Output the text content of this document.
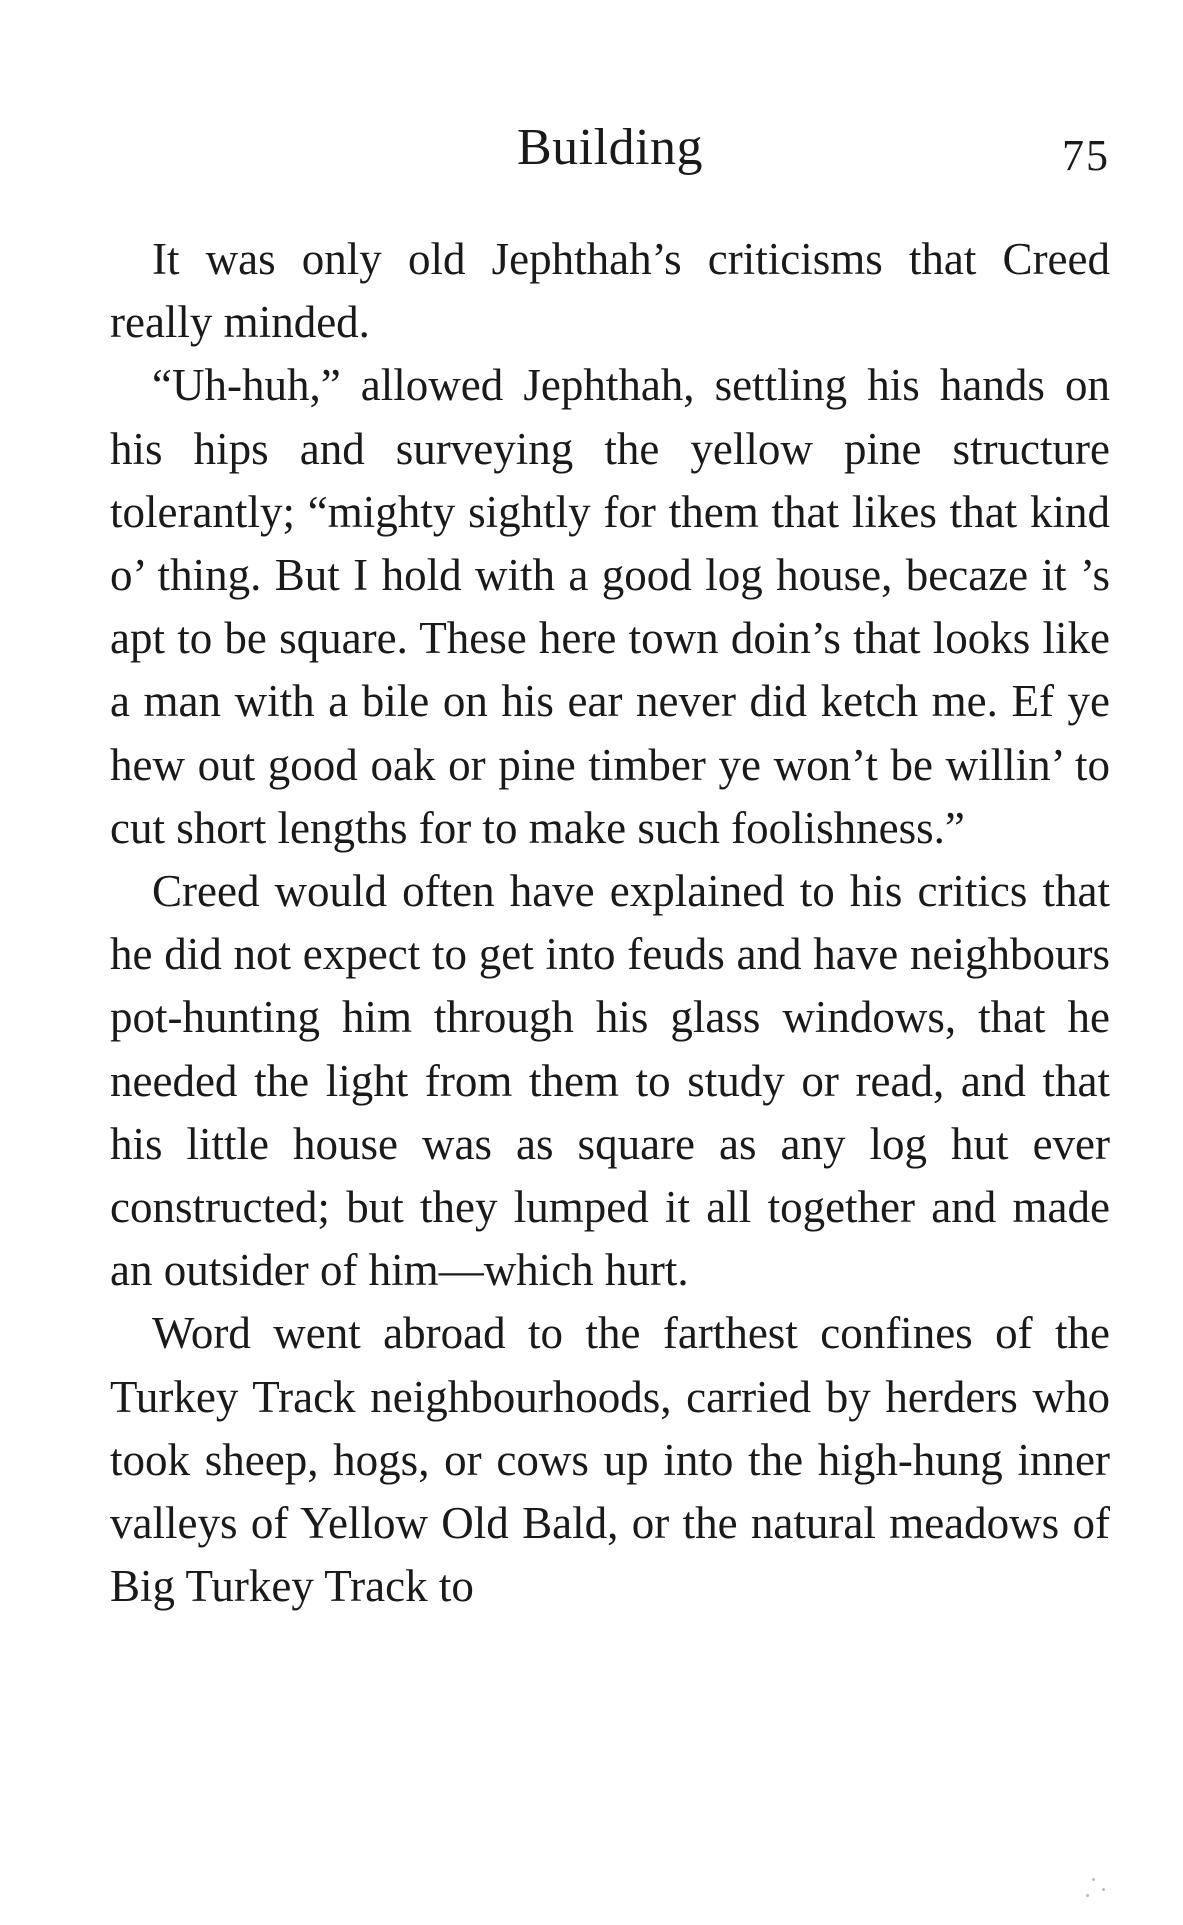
Building	75

It was only old Jephthah’s criticisms that Creed really minded.

“Uh-huh,” allowed Jephthah, settling his hands on his hips and surveying the yellow pine structure tolerantly; “mighty sightly for them that likes that kind o’ thing. But I hold with a good log house, becaze it ’s apt to be square. These here town doin’s that looks like a man with a bile on his ear never did ketch me. Ef ye hew out good oak or pine timber ye won’t be willin’ to cut short lengths for to make such foolishness.”

Creed would often have explained to his critics that he did not expect to get into feuds and have neighbours pot-hunting him through his glass windows, that he needed the light from them to study or read, and that his little house was as square as any log hut ever constructed; but they lumped it all together and made an outsider of him—which hurt.

Word went abroad to the farthest confines of the Turkey Track neighbourhoods, carried by herders who took sheep, hogs, or cows up into the high-hung inner valleys of Yellow Old Bald, or the natural meadows of Big Turkey Track to
